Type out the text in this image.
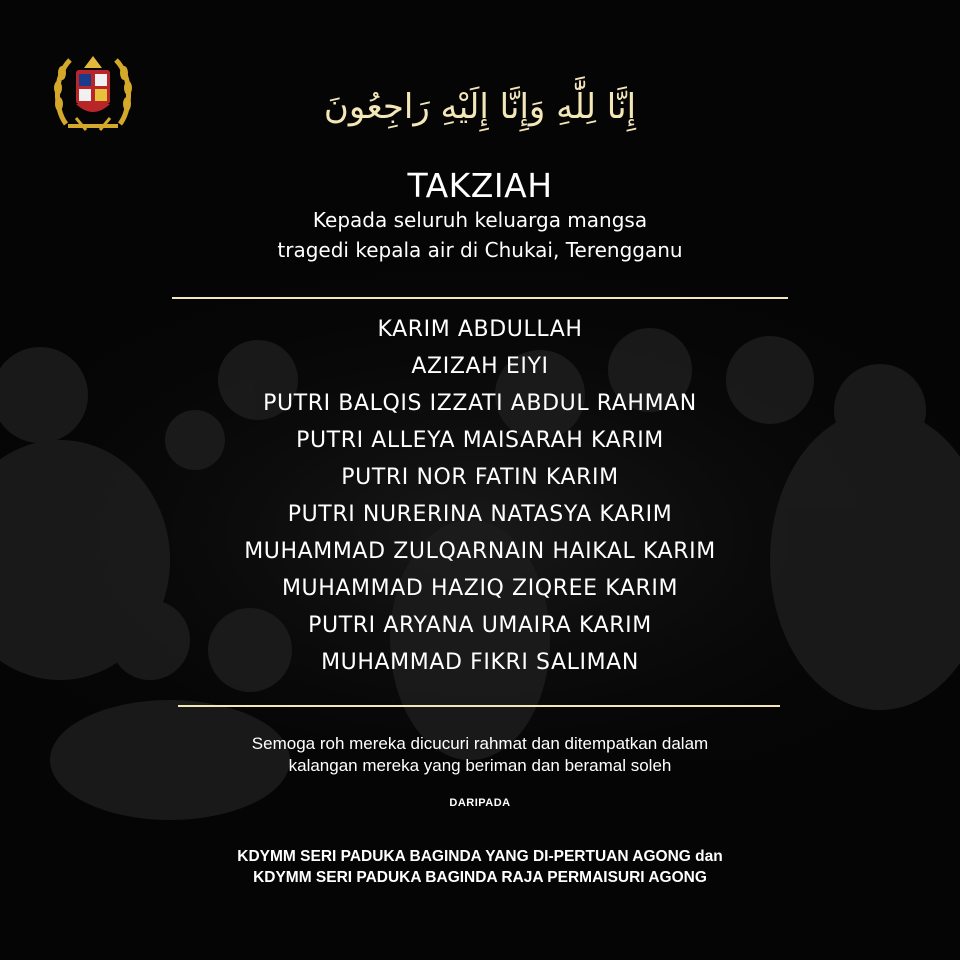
إِنَّا لِلَّٰهِ وَإِنَّا إِلَيْهِ رَاجِعُونَ
TAKZIAH
Kepada seluruh keluarga mangsa
tragedi kepala air di Chukai, Terengganu
KARIM ABDULLAH
AZIZAH EIYI
PUTRI BALQIS IZZATI ABDUL RAHMAN
PUTRI ALLEYA MAISARAH KARIM
PUTRI NOR FATIN KARIM
PUTRI NURERINA NATASYA KARIM
MUHAMMAD ZULQARNAIN HAIKAL KARIM
MUHAMMAD HAZIQ ZIQREE KARIM
PUTRI ARYANA UMAIRA KARIM
MUHAMMAD FIKRI SALIMAN
Semoga roh mereka dicucuri rahmat dan ditempatkan dalam
kalangan mereka yang beriman dan beramal soleh
DARIPADA
KDYMM SERI PADUKA BAGINDA YANG DI-PERTUAN AGONG dan
KDYMM SERI PADUKA BAGINDA RAJA PERMAISURI AGONG
